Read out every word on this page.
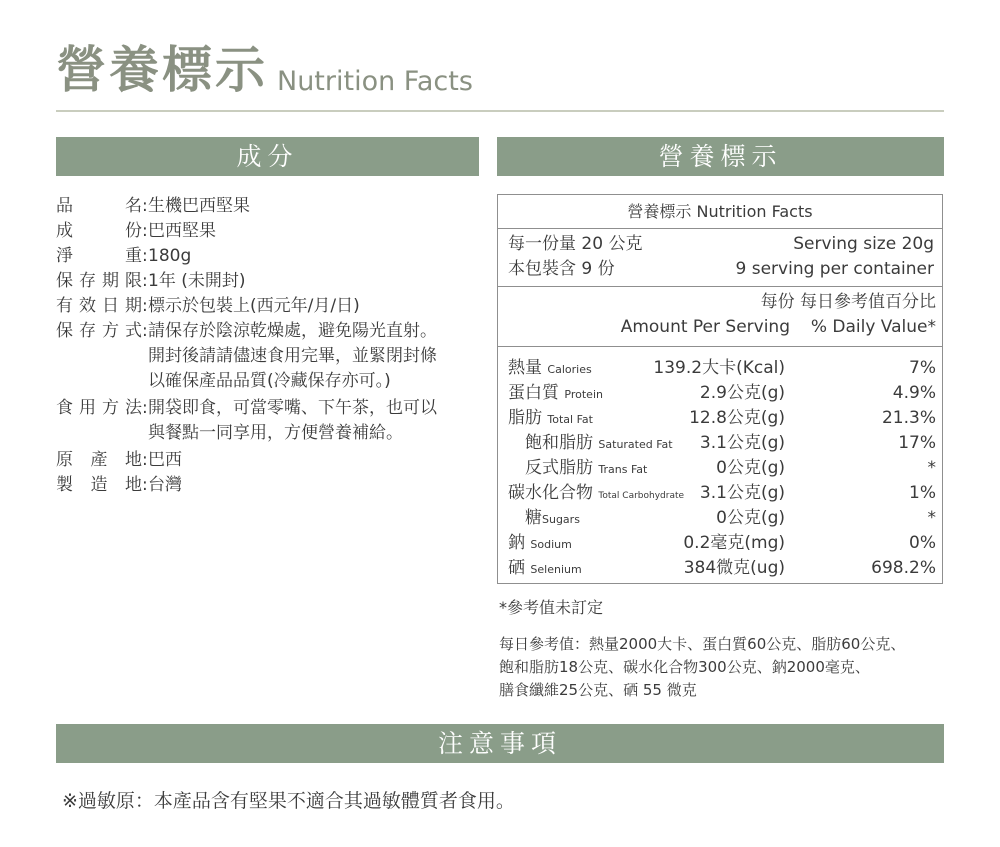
營養標示 Nutrition Facts
成分	營養標示
品名 : 生機巴西堅果
成份 : 巴西堅果
淨重 : 180g
保存期限 : 1年 (未開封)
有效日期 : 標示於包裝上(西元年/月/日)
保存方式 : 請保存於陰涼乾燥處，避免陽光直射。
開封後請請儘速食用完畢，並緊閉封條
以確保產品品質(冷藏保存亦可。)
食用方法 : 開袋即食，可當零嘴、下午茶，也可以
與餐點一同享用，方便營養補給。
原產地 : 巴西
製造地 : 台灣
營養標示 Nutrition Facts
每一份量 20 公克	Serving size 20g
本包裝含 9 份	9 serving per container
每份 每日參考值百分比
Amount Per Serving % Daily Value*
熱量 Calories	139.2大卡(Kcal)	7%
蛋白質 Protein	2.9公克(g)	4.9%
脂肪 Total Fat	12.8公克(g)	21.3%
飽和脂肪 Saturated Fat 3.1公克(g)	17%
反式脂肪 Trans Fat	0公克(g)	*
碳水化合物 Total Carbohydrate 3.1公克(g)	1%
糖Sugars	0公克(g)	*
鈉 Sodium	0.2毫克(mg)	0%
硒 Selenium	384微克(ug)	698.2%
*參考值未訂定
每日參考值：熱量2000大卡、蛋白質60公克、脂肪60公克、
飽和脂肪18公克、碳水化合物300公克、鈉2000毫克、
膳食纖維25公克、硒 55 微克
注意事項
※過敏原：本產品含有堅果不適合其過敏體質者食用。
